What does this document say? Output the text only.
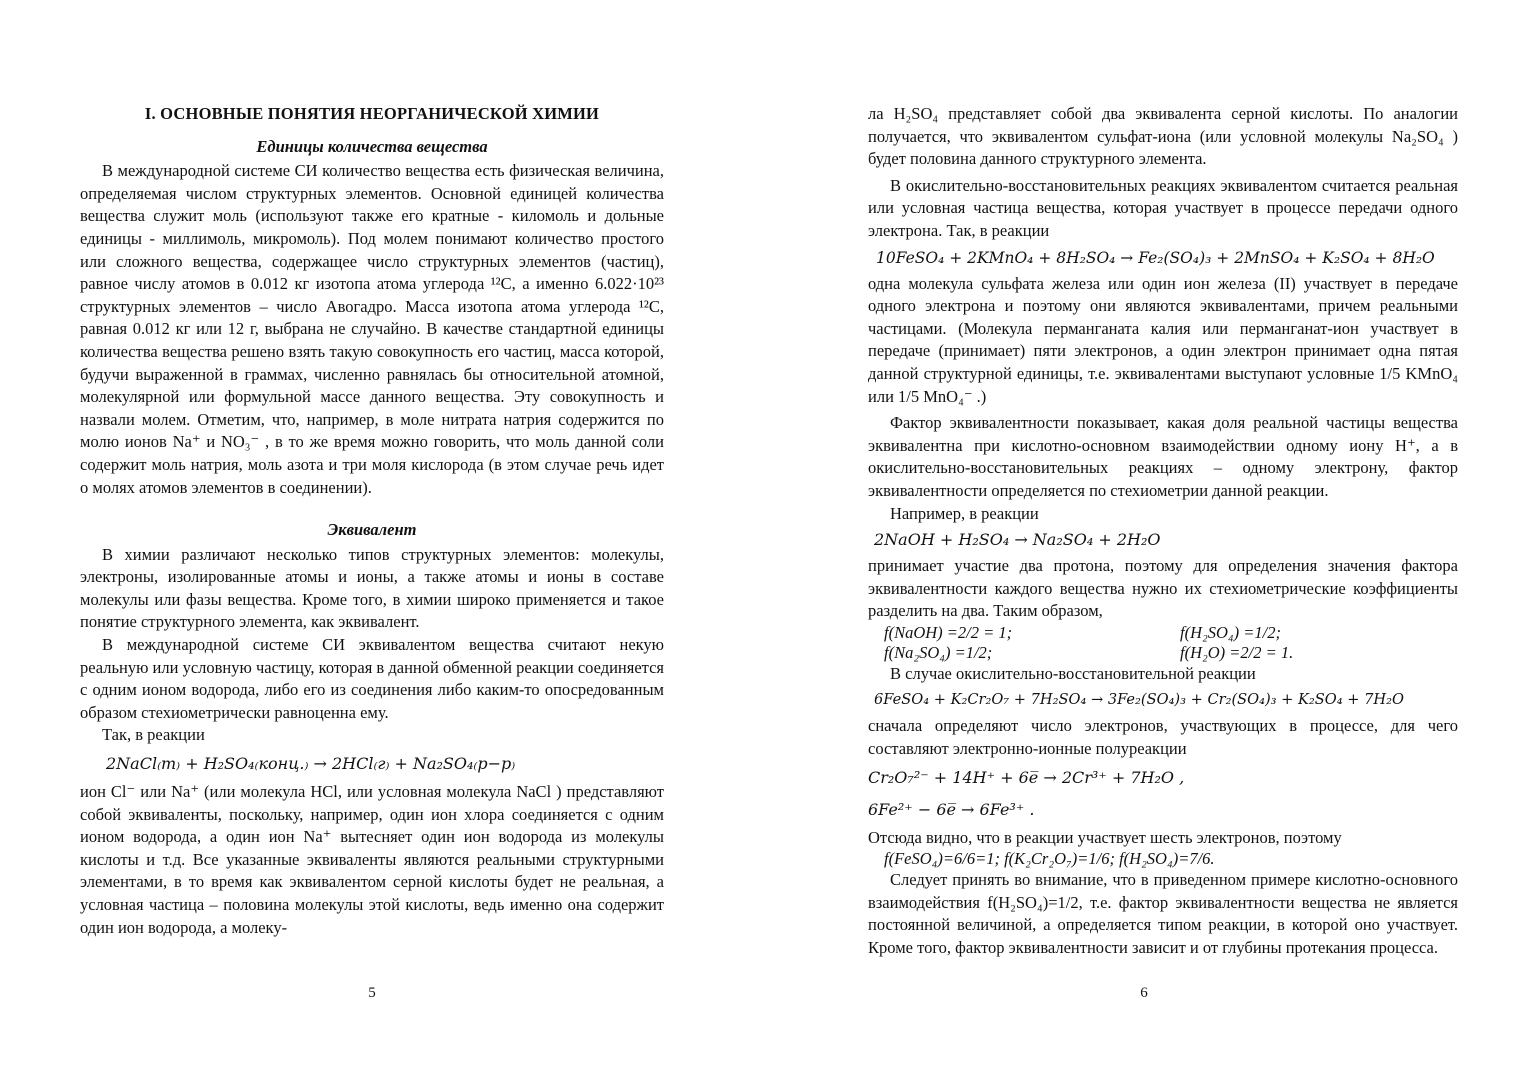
I. ОСНОВНЫЕ ПОНЯТИЯ НЕОРГАНИЧЕСКОЙ ХИМИИ
Единицы количества вещества

В международной системе СИ количество вещества есть физическая величина, определяемая числом структурных элементов. Основной единицей количества вещества служит моль (используют также его кратные - киломоль и дольные единицы - миллимоль, микромоль). Под молем понимают количество простого или сложного вещества, содержащее число структурных элементов (частиц), равное числу атомов в 0.012 кг изотопа атома углерода ¹²С, а именно 6.022·10²³ структурных элементов – число Авогадро. Масса изотопа атома углерода ¹²С, равная 0.012 кг или 12 г, выбрана не случайно. В качестве стандартной единицы количества вещества решено взять такую совокупность его частиц, масса которой, будучи выраженной в граммах, численно равнялась бы относительной атомной, молекулярной или формульной массе данного вещества. Эту совокупность и назвали молем. Отметим, что, например, в моле нитрата натрия содержится по молю ионов Na⁺ и NO₃⁻ , в то же время можно говорить, что моль данной соли содержит моль натрия, моль азота и три моля кислорода (в этом случае речь идет о молях атомов элементов в соединении).

Эквивалент

В химии различают несколько типов структурных элементов: молекулы, электроны, изолированные атомы и ионы, а также атомы и ионы в составе молекулы или фазы вещества. Кроме того, в химии широко применяется и такое понятие структурного элемента, как эквивалент.

В международной системе СИ эквивалентом вещества считают некую реальную или условную частицу, которая в данной обменной реакции соединяется с одним ионом водорода, либо его из соединения либо каким-то опосредованным образом стехиометрически равноценна ему.

Так, в реакции

2NaCl₍т₎ + H₂SO₄₍конц.₎ → 2HCl₍г₎ + Na₂SO₄₍р−р₎

ион Cl⁻ или Na⁺ (или молекула HCl, или условная молекула NaCl ) представляют собой эквиваленты, поскольку, например, один ион хлора соединяется с одним ионом водорода, а один ион Na⁺ вытесняет один ион водорода из молекулы кислоты и т.д. Все указанные эквиваленты являются реальными структурными элементами, в то время как эквивалентом серной кислоты будет не реальная, а условная частица – половина молекулы этой кислоты, ведь именно она содержит один ион водорода, а молеку-

5

ла H₂SO₄ представляет собой два эквивалента серной кислоты. По аналогии получается, что эквивалентом сульфат-иона (или условной молекулы Na₂SO₄ ) будет половина данного структурного элемента.

В окислительно-восстановительных реакциях эквивалентом считается реальная или условная частица вещества, которая участвует в процессе передачи одного электрона. Так, в реакции

10FeSO₄ + 2KMnO₄ + 8H₂SO₄ → Fe₂(SO₄)₃ + 2MnSO₄ + K₂SO₄ + 8H₂O

одна молекула сульфата железа или один ион железа (II) участвует в передаче одного электрона и поэтому они являются эквивалентами, причем реальными частицами. (Молекула перманганата калия или перманганат-ион участвует в передаче (принимает) пяти электронов, а один электрон принимает одна пятая данной структурной единицы, т.е. эквивалентами выступают условные 1/5 KMnO₄ или 1/5 MnO₄⁻ .)

Фактор эквивалентности показывает, какая доля реальной частицы вещества эквивалентна при кислотно-основном взаимодействии одному иону H⁺, а в окислительно-восстановительных реакциях – одному электрону, фактор эквивалентности определяется по стехиометрии данной реакции.

Например, в реакции

2NaOH + H₂SO₄ → Na₂SO₄ + 2H₂O

принимает участие два протона, поэтому для определения значения фактора эквивалентности каждого вещества нужно их стехиометрические коэффициенты разделить на два. Таким образом,

f(NaOH) =2/2 = 1;	f(H₂SO₄) =1/2;
f(Na₂SO₄) =1/2;	f(H₂O) =2/2 = 1.

В случае окислительно-восстановительной реакции

6FeSO₄ + K₂Cr₂O₇ + 7H₂SO₄ → 3Fe₂(SO₄)₃ + Cr₂(SO₄)₃ + K₂SO₄ + 7H₂O

сначала определяют число электронов, участвующих в процессе, для чего составляют электронно-ионные полуреакции

Cr₂O₇²⁻ + 14H⁺ + 6e̅ → 2Cr³⁺ + 7H₂O ,
6Fe²⁺ − 6e̅ → 6Fe³⁺ .

Отсюда видно, что в реакции участвует шесть электронов, поэтому

f(FeSO₄)=6/6=1; f(K₂Cr₂O₇)=1/6; f(H₂SO₄)=7/6.

Следует принять во внимание, что в приведенном примере кислотно-основного взаимодействия f(H₂SO₄)=1/2, т.е. фактор эквивалентности вещества не является постоянной величиной, а определяется типом реакции, в которой оно участвует. Кроме того, фактор эквивалентности зависит и от глубины протекания процесса.

6
